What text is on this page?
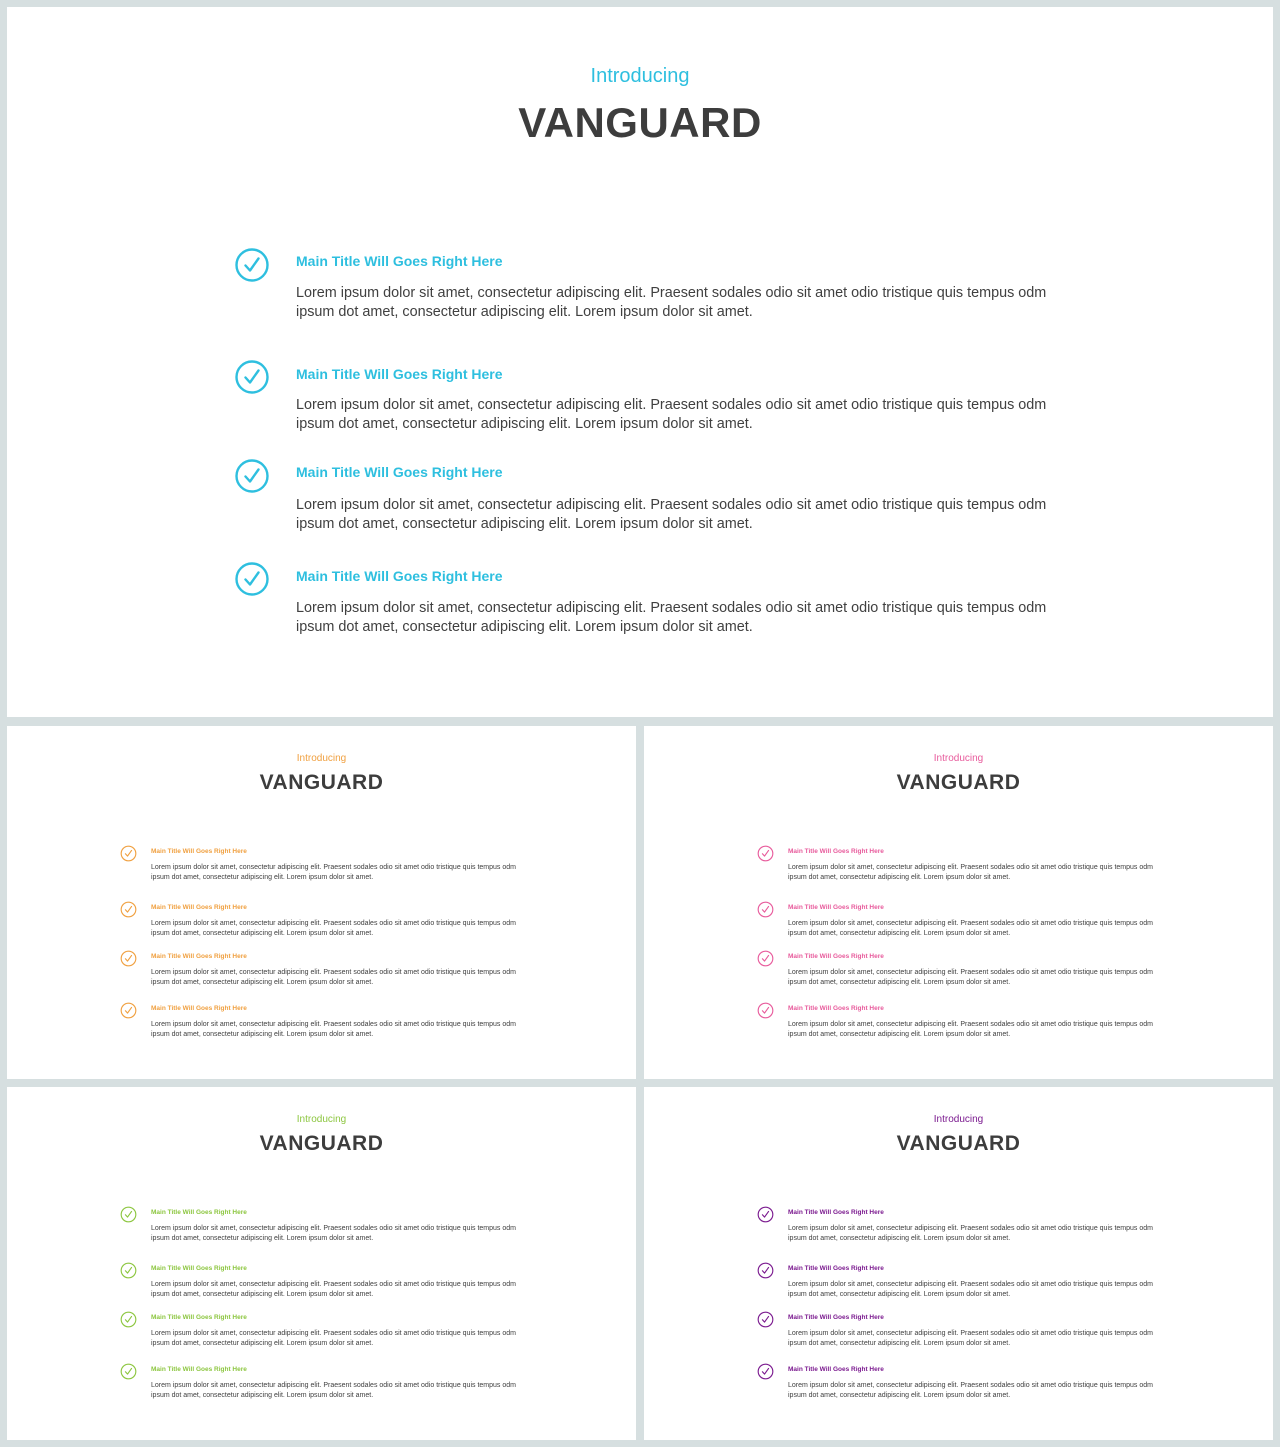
Introducing
VANGUARD
Main Title Will Goes Right Here
Lorem ipsum dolor sit amet, consectetur adipiscing elit. Praesent sodales odio sit amet odio tristique quis tempus odm ipsum dot amet, consectetur adipiscing elit. Lorem ipsum dolor sit amet.
Main Title Will Goes Right Here
Lorem ipsum dolor sit amet, consectetur adipiscing elit. Praesent sodales odio sit amet odio tristique quis tempus odm ipsum dot amet, consectetur adipiscing elit. Lorem ipsum dolor sit amet.
Main Title Will Goes Right Here
Lorem ipsum dolor sit amet, consectetur adipiscing elit. Praesent sodales odio sit amet odio tristique quis tempus odm ipsum dot amet, consectetur adipiscing elit. Lorem ipsum dolor sit amet.
Main Title Will Goes Right Here
Lorem ipsum dolor sit amet, consectetur adipiscing elit. Praesent sodales odio sit amet odio tristique quis tempus odm ipsum dot amet, consectetur adipiscing elit. Lorem ipsum dolor sit amet.
Introducing
VANGUARD
Main Title Will Goes Right Here
Lorem ipsum dolor sit amet, consectetur adipiscing elit. Praesent sodales odio sit amet odio tristique quis tempus odm ipsum dot amet, consectetur adipiscing elit. Lorem ipsum dolor sit amet.
Main Title Will Goes Right Here
Lorem ipsum dolor sit amet, consectetur adipiscing elit. Praesent sodales odio sit amet odio tristique quis tempus odm ipsum dot amet, consectetur adipiscing elit. Lorem ipsum dolor sit amet.
Main Title Will Goes Right Here
Lorem ipsum dolor sit amet, consectetur adipiscing elit. Praesent sodales odio sit amet odio tristique quis tempus odm ipsum dot amet, consectetur adipiscing elit. Lorem ipsum dolor sit amet.
Main Title Will Goes Right Here
Lorem ipsum dolor sit amet, consectetur adipiscing elit. Praesent sodales odio sit amet odio tristique quis tempus odm ipsum dot amet, consectetur adipiscing elit. Lorem ipsum dolor sit amet.
Introducing
VANGUARD
Main Title Will Goes Right Here
Lorem ipsum dolor sit amet, consectetur adipiscing elit. Praesent sodales odio sit amet odio tristique quis tempus odm ipsum dot amet, consectetur adipiscing elit. Lorem ipsum dolor sit amet.
Main Title Will Goes Right Here
Lorem ipsum dolor sit amet, consectetur adipiscing elit. Praesent sodales odio sit amet odio tristique quis tempus odm ipsum dot amet, consectetur adipiscing elit. Lorem ipsum dolor sit amet.
Main Title Will Goes Right Here
Lorem ipsum dolor sit amet, consectetur adipiscing elit. Praesent sodales odio sit amet odio tristique quis tempus odm ipsum dot amet, consectetur adipiscing elit. Lorem ipsum dolor sit amet.
Main Title Will Goes Right Here
Lorem ipsum dolor sit amet, consectetur adipiscing elit. Praesent sodales odio sit amet odio tristique quis tempus odm ipsum dot amet, consectetur adipiscing elit. Lorem ipsum dolor sit amet.
Introducing
VANGUARD
Main Title Will Goes Right Here
Lorem ipsum dolor sit amet, consectetur adipiscing elit. Praesent sodales odio sit amet odio tristique quis tempus odm ipsum dot amet, consectetur adipiscing elit. Lorem ipsum dolor sit amet.
Main Title Will Goes Right Here
Lorem ipsum dolor sit amet, consectetur adipiscing elit. Praesent sodales odio sit amet odio tristique quis tempus odm ipsum dot amet, consectetur adipiscing elit. Lorem ipsum dolor sit amet.
Main Title Will Goes Right Here
Lorem ipsum dolor sit amet, consectetur adipiscing elit. Praesent sodales odio sit amet odio tristique quis tempus odm ipsum dot amet, consectetur adipiscing elit. Lorem ipsum dolor sit amet.
Main Title Will Goes Right Here
Lorem ipsum dolor sit amet, consectetur adipiscing elit. Praesent sodales odio sit amet odio tristique quis tempus odm ipsum dot amet, consectetur adipiscing elit. Lorem ipsum dolor sit amet.
Introducing
VANGUARD
Main Title Will Goes Right Here
Lorem ipsum dolor sit amet, consectetur adipiscing elit. Praesent sodales odio sit amet odio tristique quis tempus odm ipsum dot amet, consectetur adipiscing elit. Lorem ipsum dolor sit amet.
Main Title Will Goes Right Here
Lorem ipsum dolor sit amet, consectetur adipiscing elit. Praesent sodales odio sit amet odio tristique quis tempus odm ipsum dot amet, consectetur adipiscing elit. Lorem ipsum dolor sit amet.
Main Title Will Goes Right Here
Lorem ipsum dolor sit amet, consectetur adipiscing elit. Praesent sodales odio sit amet odio tristique quis tempus odm ipsum dot amet, consectetur adipiscing elit. Lorem ipsum dolor sit amet.
Main Title Will Goes Right Here
Lorem ipsum dolor sit amet, consectetur adipiscing elit. Praesent sodales odio sit amet odio tristique quis tempus odm ipsum dot amet, consectetur adipiscing elit. Lorem ipsum dolor sit amet.
